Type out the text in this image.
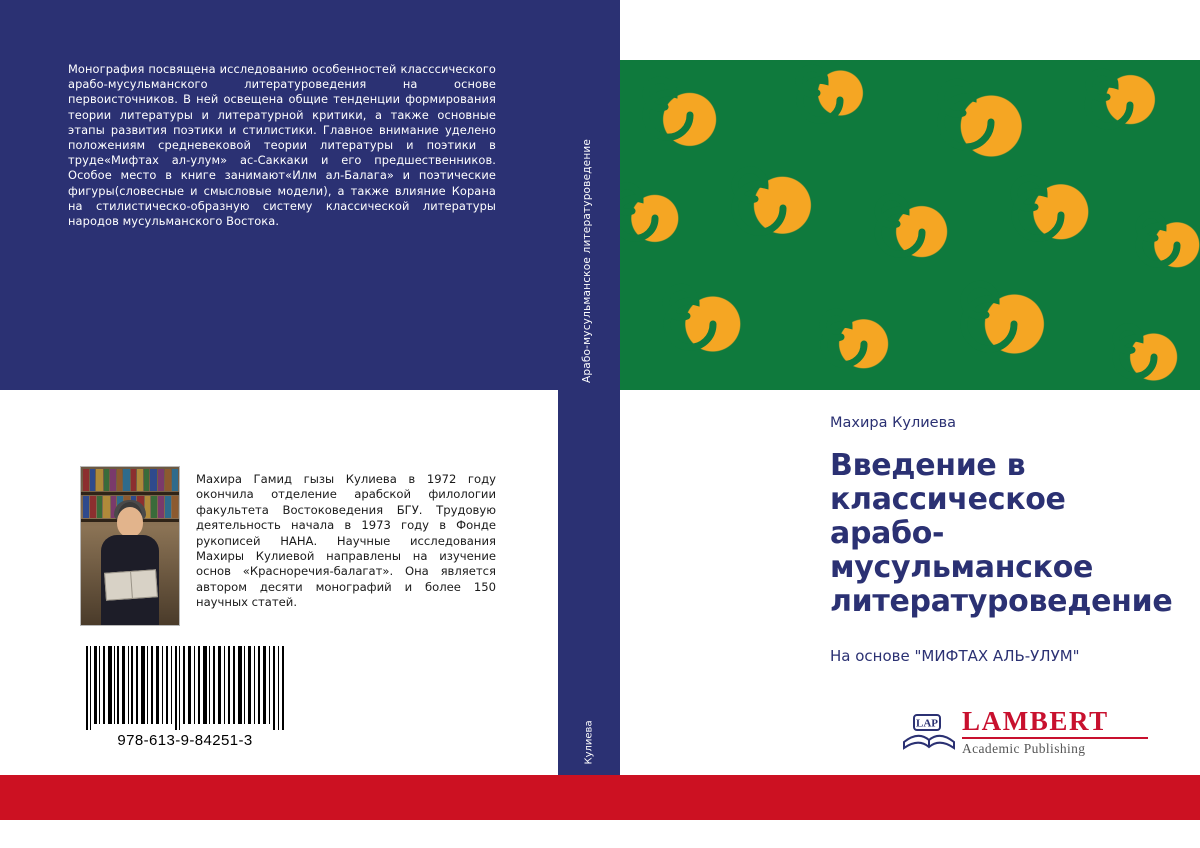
Монография посвящена исследованию особенностей класссического арабо-мусульманского литературоведения на основе первоисточников. В ней освещена общие тенденции формирования теории литературы и литературной критики, а также основные этапы развития поэтики и стилистики. Главное внимание уделено положениям средневековой теории литературы и поэтики в труде«Мифтах ал-улум» ас-Саккаки и его предшественников. Особое место в книге занимают«Илм ал-Балага» и поэтические фигуры(словесные и смысловые модели), а также влияние Корана на стилистическо-образную систему классической литературы народов мусульманского Востока.	Арабо-мусульманское литературоведение
Кулиева
Махира Кулиева
Введение в классическое арабо-мусульманское литературоведение
На основе "МИФТАХ АЛЬ-УЛУМ"
LAP LAMBERT
Academic Publishing
Махира Гамид гызы Кулиева в 1972 году окончила отделение арабской филологии факультета Востоковедения БГУ. Трудовую деятельность начала в 1973 году в Фонде рукописей НАНА. Научные исследования Махиры Кулиевой направлены на изучение основ «Красноречия-балагат». Она является автором десяти монографий и более 150 научных статей.
978-613-9-84251-3
